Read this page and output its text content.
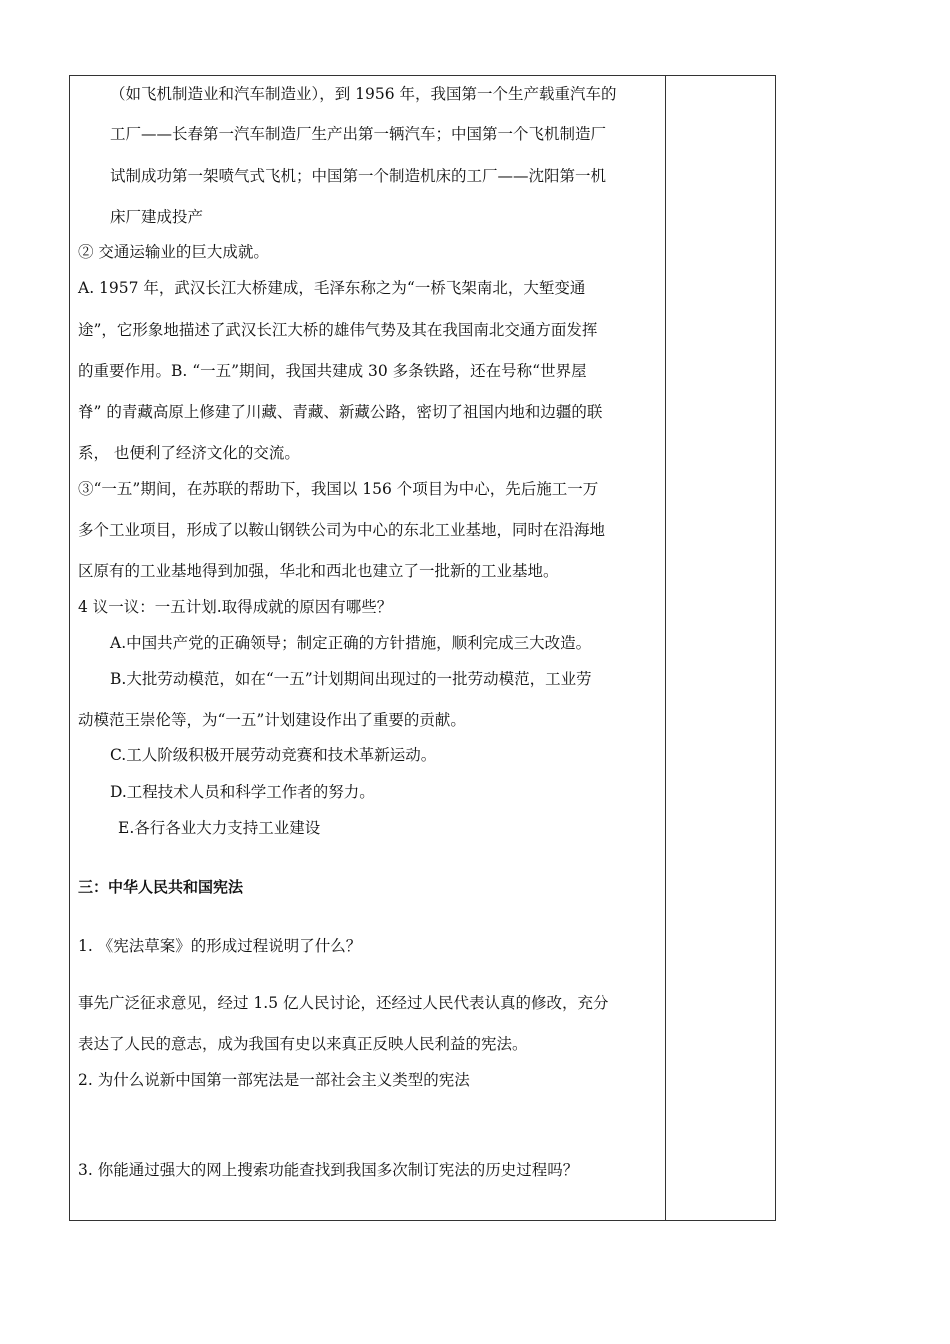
（如飞机制造业和汽车制造业），到 1956 年，我国第一个生产载重汽车的
工厂——长春第一汽车制造厂生产出第一辆汽车；中国第一个飞机制造厂
试制成功第一架喷气式飞机；中国第一个制造机床的工厂——沈阳第一机
床厂建成投产
② 交通运输业的巨大成就。
A. 1957 年，武汉长江大桥建成，毛泽东称之为“一桥飞架南北，大堑变通
途”，它形象地描述了武汉长江大桥的雄伟气势及其在我国南北交通方面发挥
的重要作用。B. “一五”期间，我国共建成 30 多条铁路，还在号称“世界屋
脊” 的青藏高原上修建了川藏、青藏、新藏公路，密切了祖国内地和边疆的联
系， 也便利了经济文化的交流。
③“一五”期间，在苏联的帮助下，我国以 156 个项目为中心，先后施工一万
多个工业项目，形成了以鞍山钢铁公司为中心的东北工业基地，同时在沿海地
区原有的工业基地得到加强，华北和西北也建立了一批新的工业基地。
4 议一议：一五计划.取得成就的原因有哪些？
A.中国共产党的正确领导；制定正确的方针措施，顺利完成三大改造。
B.大批劳动模范，如在“一五”计划期间出现过的一批劳动模范，工业劳
动模范王崇伦等，为“一五”计划建设作出了重要的贡献。
C.工人阶级积极开展劳动竞赛和技术革新运动。
D.工程技术人员和科学工作者的努力。
E.各行各业大力支持工业建设
三：中华人民共和国宪法
1. 《宪法草案》的形成过程说明了什么？
事先广泛征求意见，经过 1.5 亿人民讨论，还经过人民代表认真的修改，充分
表达了人民的意志，成为我国有史以来真正反映人民利益的宪法。
2. 为什么说新中国第一部宪法是一部社会主义类型的宪法
3. 你能通过强大的网上搜索功能查找到我国多次制订宪法的历史过程吗？
